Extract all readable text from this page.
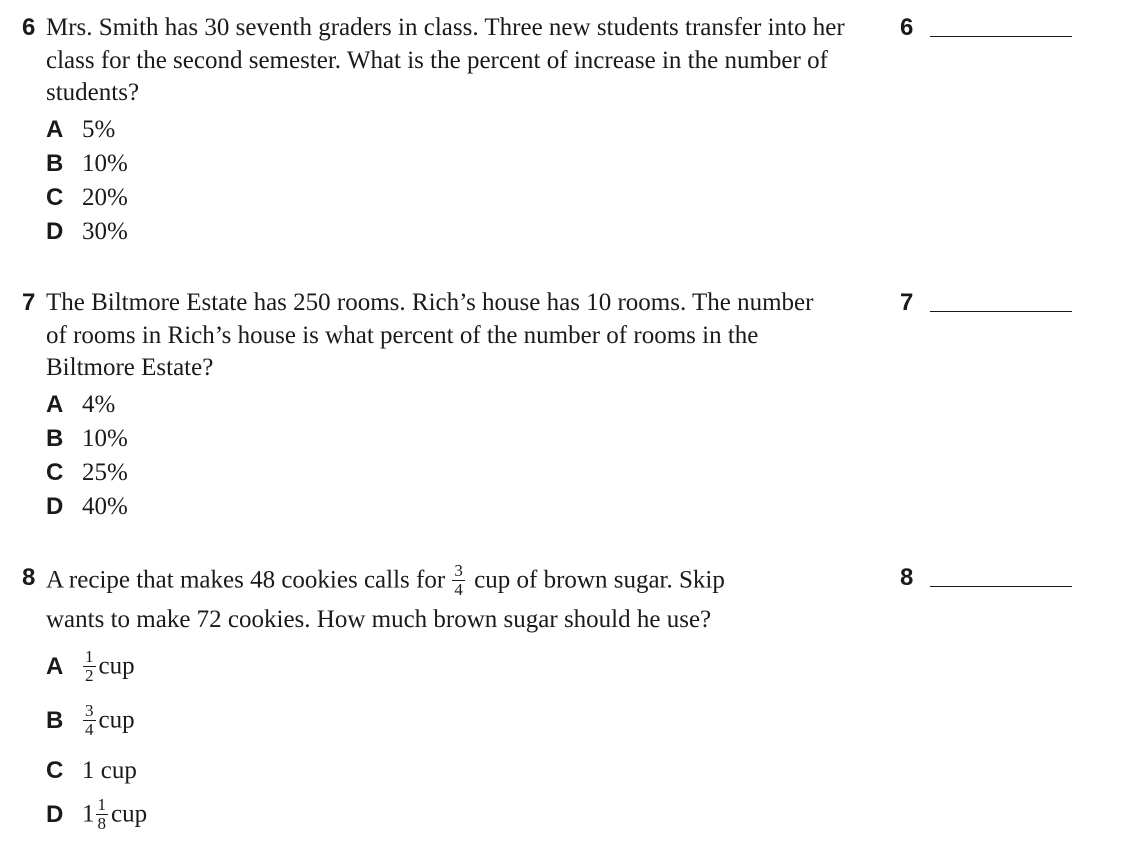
6 Mrs. Smith has 30 seventh graders in class. Three new students transfer into her class for the second semester. What is the percent of increase in the number of students?

6
A 5%
B 10%
C 20%
D 30%
7 The Biltmore Estate has 250 rooms. Rich’s house has 10 rooms. The number of rooms in Rich’s house is what percent of the number of rooms in the Biltmore Estate?

7
A 4%
B 10%
C 25%
D 40%
8 A recipe that makes 48 cookies calls for $\frac{3}{4}$ cup of brown sugar. Skip
wants to make 72 cookies. How much brown sugar should he use?
8
A $\frac{1}{2}$ cup
B $\frac{3}{4}$ cup
C 1 cup
D $1 \frac{1}{8}$ cup
